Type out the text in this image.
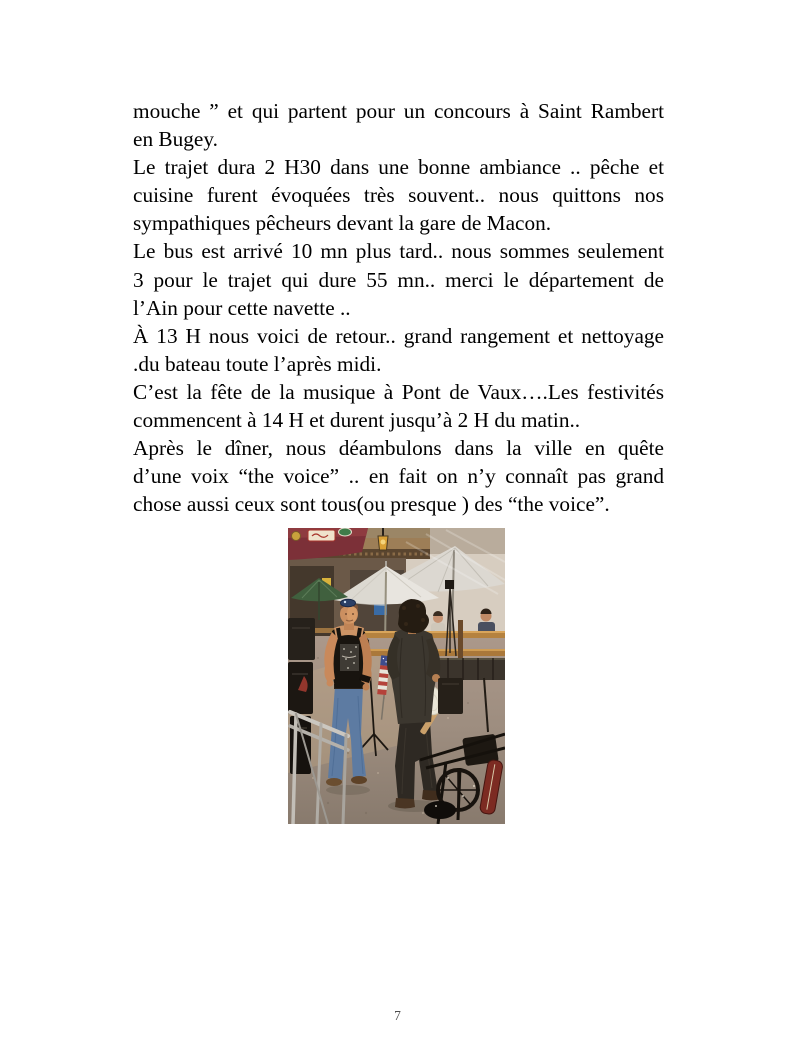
mouche ” et qui partent pour un concours à Saint Rambert
en Bugey.
Le trajet dura 2 H30 dans une bonne ambiance .. pêche et
cuisine furent évoquées très souvent.. nous quittons nos
sympathiques pêcheurs devant la gare de Macon.
Le bus est arrivé 10 mn plus tard.. nous sommes seulement
3 pour le trajet qui dure 55 mn.. merci le département de
l’Ain pour cette navette ..
À 13 H nous voici de retour.. grand rangement et nettoyage
.du bateau toute l’après midi.
C’est la fête de la musique à Pont de Vaux….Les festivités
commencent à 14 H et durent jusqu’à 2 H du matin..
Après le dîner, nous déambulons dans la ville en quête
d’une voix “the voice” .. en fait on n’y connaît pas grand
chose aussi ceux sont tous(ou presque ) des “the voice”.
7
